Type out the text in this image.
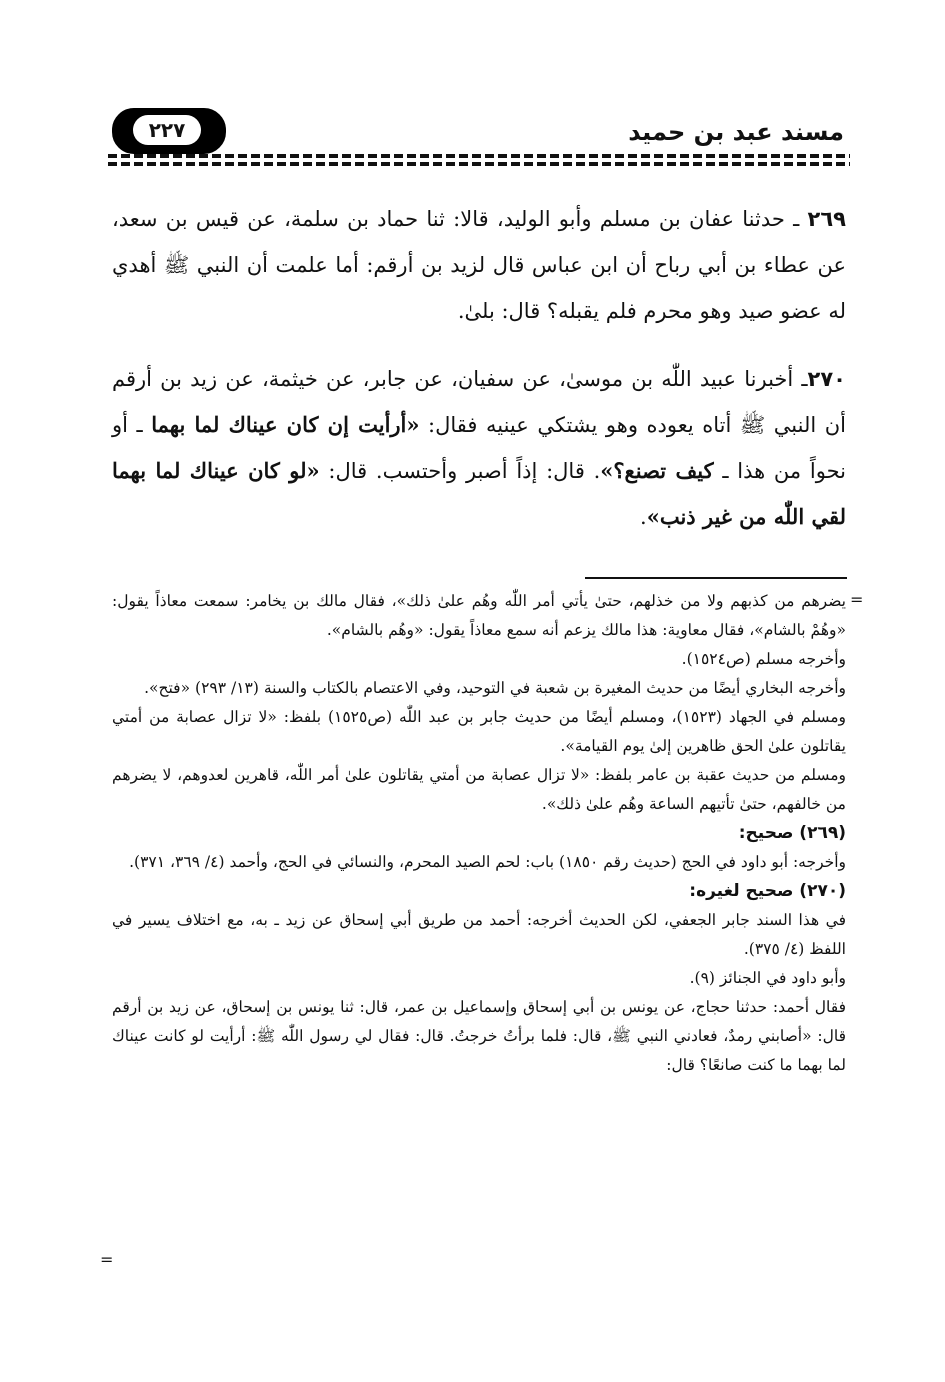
مسند عبد بن حميد
٢٢٧

٢٦٩ ـ حدثنا عفان بن مسلم وأبو الوليد، قالا: ثنا حماد بن سلمة، عن قيس بن سعد، عن عطاء بن أبي رباح أن ابن عباس قال لزيد بن أرقم: أما علمت أن النبي ﷺ أهدي له عضو صيد وهو محرم فلم يقبله؟ قال: بلىٰ.

٢٧٠ـ أخبرنا عبيد اللّٰه بن موسىٰ، عن سفيان، عن جابر، عن خيثمة، عن زيد بن أرقم أن النبي ﷺ أتاه يعوده وهو يشتكي عينيه فقال: «أرأيت إن كان عيناك لما بهما ـ أو نحواً من هذا ـ كيف تصنع؟». قال: إذاً أصبر وأحتسب. قال: «لو كان عيناك لما بهما لقي اللّٰه من غير ذنب».

=

يضرهم من كذبهم ولا من خذلهم، حتىٰ يأتي أمر اللّٰه وهُم علىٰ ذلك»، فقال مالك بن يخامر: سمعت معاذاً يقول: «وهُمْ بالشام»، فقال معاوية: هذا مالك يزعم أنه سمع معاذاً يقول: «وهُم بالشام».

وأخرجه مسلم (ص١٥٢٤).

وأخرجه البخاري أيضًا من حديث المغيرة بن شعبة في التوحيد، وفي الاعتصام بالكتاب والسنة (١٣/ ٢٩٣) «فتح».

ومسلم في الجهاد (١٥٢٣)، ومسلم أيضًا من حديث جابر بن عبد اللّٰه (ص١٥٢٥) بلفظ: «لا تزال عصابة من أمتي يقاتلون علىٰ الحق ظاهرين إلىٰ يوم القيامة».

ومسلم من حديث عقبة بن عامر بلفظ: «لا تزال عصابة من أمتي يقاتلون علىٰ أمر اللّٰه، قاهرين لعدوهم، لا يضرهم من خالفهم، حتىٰ تأتيهم الساعة وهُم علىٰ ذلك».

(٢٦٩) صحيح:

وأخرجه: أبو داود في الحج (حديث رقم ١٨٥٠) باب: لحم الصيد المحرم، والنسائي في الحج، وأحمد (٤/ ٣٦٩، ٣٧١).

(٢٧٠) صحيح لغيره:

في هذا السند جابر الجعفي، لكن الحديث أخرجه: أحمد من طريق أبي إسحاق عن زيد ـ به، مع اختلاف يسير في اللفظ (٤/ ٣٧٥).

وأبو داود في الجنائز (٩).

فقال أحمد: حدثنا حجاج، عن يونس بن أبي إسحاق وإسماعيل بن عمر، قال: ثنا يونس بن إسحاق، عن زيد بن أرقم قال: «أصابني رمدٌ، فعادني النبي ﷺ، قال: فلما برأتُ خرجتُ. قال: فقال لي رسول اللّٰه ﷺ: أرأيت لو كانت عيناك لما بهما ما كنت صانعًا؟ قال:

=
